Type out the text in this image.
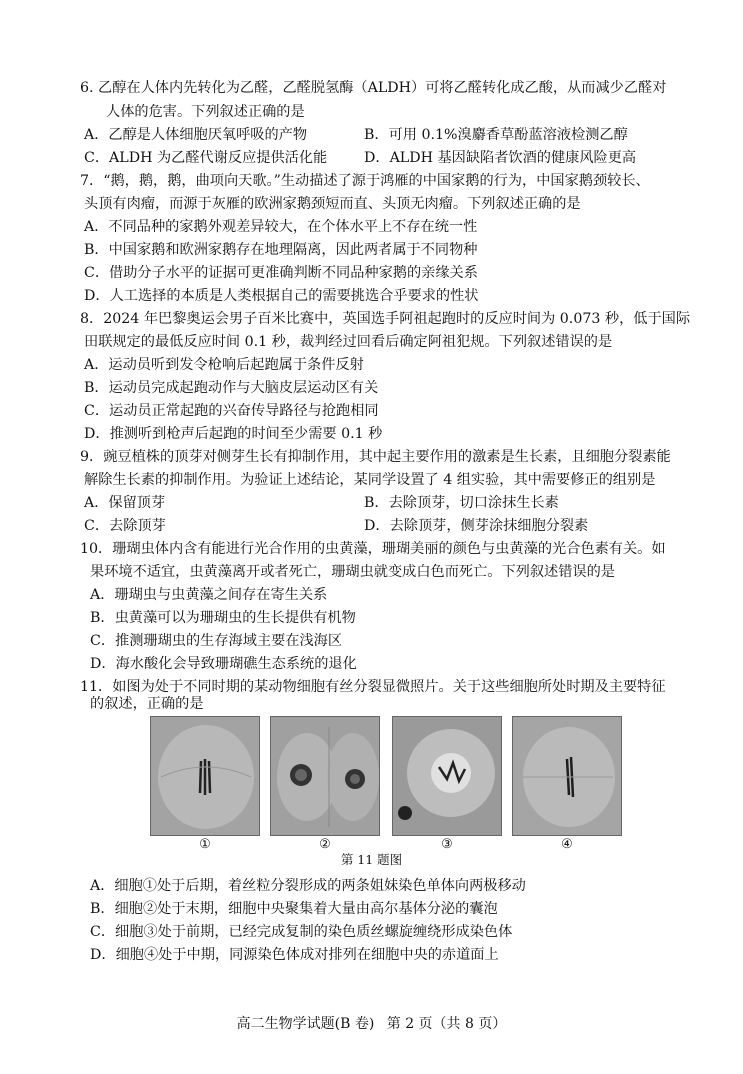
6. 乙醇在人体内先转化为乙醛，乙醛脱氢酶（ALDH）可将乙醛转化成乙酸，从而减少乙醛对
人体的危害。下列叙述正确的是
A．乙醇是人体细胞厌氧呼吸的产物	B．可用 0.1%溴麝香草酚蓝溶液检测乙醇
C．ALDH 为乙醛代谢反应提供活化能	D．ALDH 基因缺陷者饮酒的健康风险更高
7．“鹅，鹅，鹅，曲项向天歌。”生动描述了源于鸿雁的中国家鹅的行为，中国家鹅颈较长、
头顶有肉瘤，而源于灰雁的欧洲家鹅颈短而直、头顶无肉瘤。下列叙述正确的是
A．不同品种的家鹅外观差异较大，在个体水平上不存在统一性
B．中国家鹅和欧洲家鹅存在地理隔离，因此两者属于不同物种
C．借助分子水平的证据可更准确判断不同品种家鹅的亲缘关系
D．人工选择的本质是人类根据自己的需要挑选合乎要求的性状
8．2024 年巴黎奥运会男子百米比赛中，英国选手阿祖起跑时的反应时间为 0.073 秒，低于国际
田联规定的最低反应时间 0.1 秒，裁判经过回看后确定阿祖犯规。下列叙述错误的是
A．运动员听到发令枪响后起跑属于条件反射
B．运动员完成起跑动作与大脑皮层运动区有关
C．运动员正常起跑的兴奋传导路径与抢跑相同
D．推测听到枪声后起跑的时间至少需要 0.1 秒
9．豌豆植株的顶芽对侧芽生长有抑制作用，其中起主要作用的激素是生长素，且细胞分裂素能
解除生长素的抑制作用。为验证上述结论，某同学设置了 4 组实验，其中需要修正的组别是
A．保留顶芽	B．去除顶芽，切口涂抹生长素
C．去除顶芽	D．去除顶芽，侧芽涂抹细胞分裂素
10．珊瑚虫体内含有能进行光合作用的虫黄藻，珊瑚美丽的颜色与虫黄藻的光合色素有关。如
果环境不适宜，虫黄藻离开或者死亡，珊瑚虫就变成白色而死亡。下列叙述错误的是
A．珊瑚虫与虫黄藻之间存在寄生关系
B．虫黄藻可以为珊瑚虫的生长提供有机物
C．推测珊瑚虫的生存海域主要在浅海区
D．海水酸化会导致珊瑚礁生态系统的退化
11．如图为处于不同时期的某动物细胞有丝分裂显微照片。关于这些细胞所处时期及主要特征
的叙述，正确的是
①	②	③	④
第 11 题图
A．细胞①处于后期，着丝粒分裂形成的两条姐妹染色单体向两极移动
B．细胞②处于末期，细胞中央聚集着大量由高尔基体分泌的囊泡
C．细胞③处于前期，已经完成复制的染色质丝螺旋缠绕形成染色体
D．细胞④处于中期，同源染色体成对排列在细胞中央的赤道面上
高二生物学试题(B 卷) 第 2 页（共 8 页）
